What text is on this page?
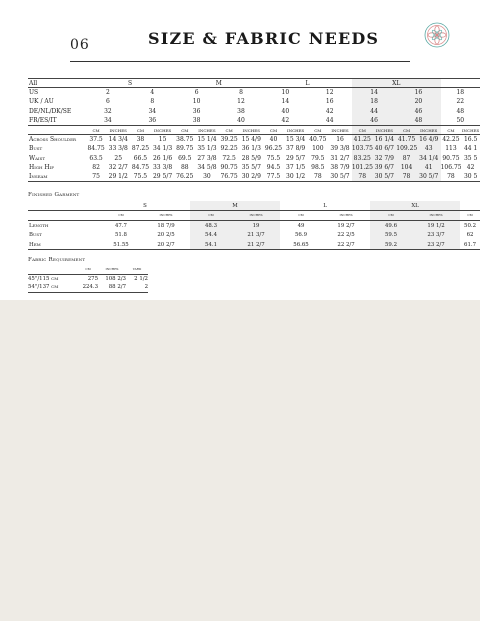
06	SIZE & FABRIC NEEDS
All	S				M				L				XL					
US	2		4		6		8		10		12		14		16		18	
UK / AU	6		8		10		12		14		16		18		20		22	
DE/NL/DK/SE	32		34		36		38		40		42		44		46		48	
FR/ES/IT	34		36		38		40		42		44		46		48		50	
	cm	inches	cm	inches	cm	inches	cm	inches	cm	inches	cm	inches	cm	inches	cm	inches	cm	inches
Across Shoulder	37.5	14 3/4	38	15	38.75	15 1/4	39.25	15 4/9	40	15 3/4	40.75	16	41.25	16 1/4	41.75	16 4/9	42.25	16.5
Bust	84.75	33 3/8	87.25	34 1/3	89.75	35 1/3	92.25	36 1/3	96.25	37 8/9	100	39 3/8	103.75	40 6/7	109.25	43	113	44 1
Waist	63.5	25	66.5	26 1/6	69.5	27 3/8	72.5	28 5/9	75.5	29 5/7	79.5	31 2/7	83.25	32 7/9	87	34 1/4	90.75	35 5
High Hip	82	32 2/7	84.75	33 3/8	88	34 5/8	90.75	35 5/7	94.5	37 1/5	98.5	38 7/9	101.25	39 6/7	104	41	106.75	42
Inseam	75	29 1/2	75.5	29 5/7	76.25	30	76.75	30 2/9	77.5	30 1/2	78	30 5/7	78	30 5/7	78	30 5/7	78	30 5
Finished Garment
	S		M		L		XL		
	cm	inches	cm	inches	cm	inches	cm	inches	cm
Length	47.7	18 7/9	48.3	19	49	19 2/7	49.6	19 1/2	50.2
Bust	51.8	20 2/5	54.4	21 3/7	56.9	22 2/5	59.5	23 3/7	62
Hem	51.55	20 2/7	54.1	21 2/7	56.65	22 2/7	59.2	23 2/7	61.7
Fabric Requirement
	cm	inches	yard
45"/115 cm	275	108 2/3	2 1/2
54"/137 cm	224.3	88 2/7	2
